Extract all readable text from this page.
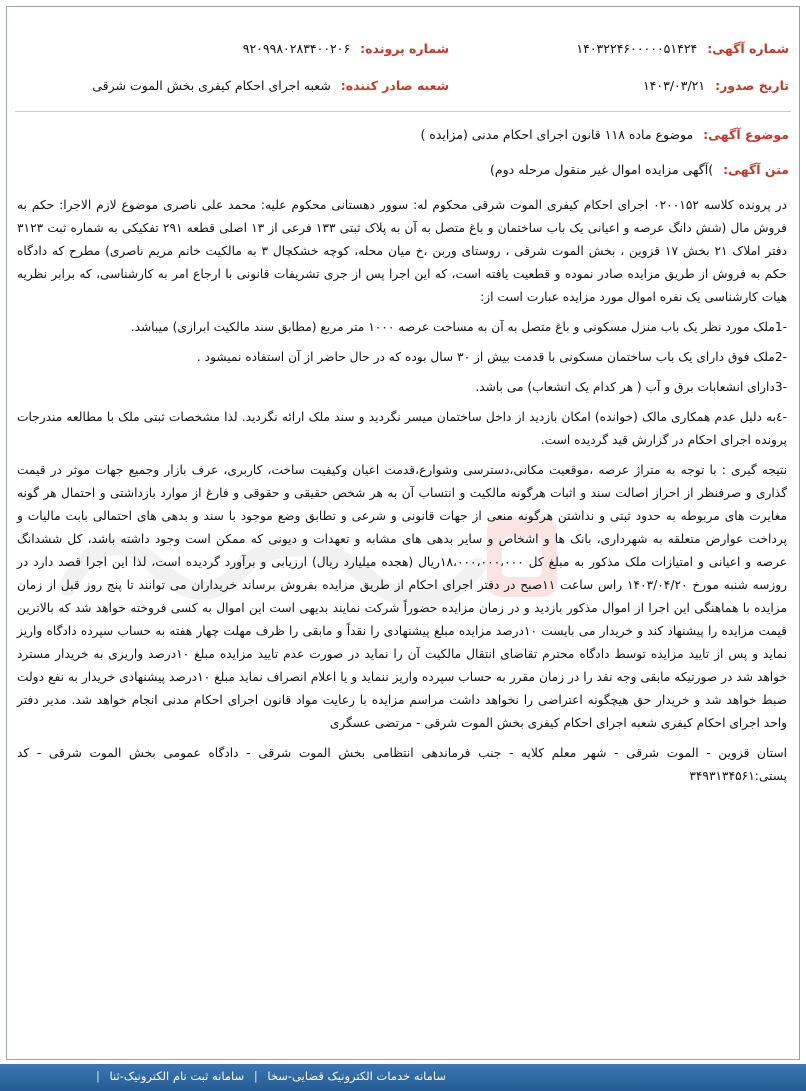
شماره آگهی: ۱۴۰۳۲۲۴۶۰۰۰۰۰۵۱۴۲۴
شماره پرونده: ۹۲۰۹۹۸۰۲۸۳۴۰۰۲۰۶
تاریخ صدور: ۱۴۰۳/۰۳/۲۱
شعبه صادر کننده: شعبه اجرای احکام کیفری بخش الموت شرقی
موضوع آگهی: موضوع ماده ۱۱۸ قانون اجرای احکام مدنی (مزایده )
متن آگهی: )آگهی مزایده اموال غیر منقول مرحله دوم)

در پرونده کلاسه ۰۲۰۰۱۵۲ اجرای احکام کیفری الموت شرقی محکوم له: سوور دهستانی محکوم علیه: محمد علی ناصری موضوع لازم الاجرا: حکم به فروش مال (شش دانگ عرصه و اعیانی یک باب ساختمان و باغ متصل به آن به پلاک ثبتی ۱۳۳ فرعی از ۱۳ اصلی قطعه ۲۹۱ تفکیکی به شماره ثبت ۳۱۲۳ دفتر املاک ۲۱ بخش ۱۷ قزوین ، بخش الموت شرقی ، روستای وربن ،خ میان محله، کوچه خشکچال ۳ به مالکیت خانم مریم ناصری) مطرح که دادگاه حکم به فروش از طریق مزایده صادر نموده و قطعیت یافته است، که این اجرا پس از جری تشریفات قانونی با ارجاع امر به کارشناسی، که برابر نظریه هیات کارشناسی یک نفره اموال مورد مزایده عبارت است از:

-1ملک مورد نظر یک باب منزل مسکونی و باغ متصل به آن به مساحت عرصه ۱۰۰۰ متر مربع (مطابق سند مالکیت ابرازی) میباشد.

-2ملک فوق دارای یک باب ساختمان مسکونی با قدمت بیش از ۳۰ سال بوده که در حال حاضر از آن استفاده نمیشود .

-3دارای انشعابات برق و آب ( هر کدام یک انشعاب) می باشد.

-٤به دلیل عدم همکاری مالک (خوانده) امکان بازدید از داخل ساختمان میسر نگردید و سند ملک ارائه نگردید. لذا مشخصات ثبتی ملک با مطالعه مندرجات پرونده اجرای احکام در گزارش قید گردیده است.

نتیجه گیری : با توجه به متراژ عرصه ،موقعیت مکانی،دسترسی وشوارع،قدمت اعیان وکیفیت ساخت، کاربری، عرف بازار وجمیع جهات موثر در قیمت گذاری و صرفنظر از احراز اصالت سند و اثبات هرگونه مالکیت و انتساب آن به هر شخص حقیقی و حقوقی و فارغ از موارد بازداشتی و احتمال هر گونه مغایرت های مربوطه به حدود ثبتی و نداشتن هرگونه منعی از جهات قانونی و شرعی و تطابق وضع موجود با سند و بدهی های احتمالی بابت مالیات و پرداخت عوارض متعلقه به شهرداری، بانک ها و اشخاص و سایر بدهی های مشابه و تعهدات و دیونی که ممکن است وجود داشته باشد، کل ششدانگ عرصه و اعیانی و امتیازات ملک مذکور به مبلغ کل ۱۸،۰۰۰،۰۰۰،۰۰۰ریال (هجده میلیارد ریال) ارزیابی و برآورد گردیده است، لذا این اجرا قصد دارد در روزسه شنبه مورخ ۱۴۰۳/۰۴/۲۰ راس ساعت ۱۱صبح در دفتر اجرای احکام از طریق مزایده بفروش برساند خریداران می توانند تا پنج روز قبل از زمان مزایده با هماهنگی این اجرا از اموال مذکور بازدید و در زمان مزایده حضوراً شرکت نمایند بدیهی است این اموال به کسی فروخته خواهد شد که بالاترین قیمت مزایده را پیشنهاد کند و خریدار می بایست ۱۰درصد مزایده مبلغ پیشنهادی را نقداً و مابقی را ظرف مهلت چهار هفته به حساب سپرده دادگاه واریز نماید و پس از تایید مزایده توسط دادگاه محترم تقاضای انتقال مالکیت آن را نماید در صورت عدم تایید مزایده مبلغ ۱۰درصد واریزی به خریدار مسترد خواهد شد در صورتیکه مابقی وجه نقد را در زمان مقرر به حساب سپرده واریز ننماید و یا اعلام انصراف نماید مبلغ ۱۰درصد پیشنهادی خریدار به نفع دولت ضبط خواهد شد و خریدار حق هیچگونه اعتراضی را نخواهد داشت مراسم مزایده با رعایت مواد قانون اجرای احکام مدنی انجام خواهد شد. مدیر دفتر واحد اجرای احکام کیفری شعبه اجرای احکام کیفری بخش الموت شرقی - مرتضی عسگری

استان قزوین - الموت شرقی - شهر معلم کلایه - جنب فرماندهی انتظامی بخش الموت شرقی - دادگاه عمومی بخش الموت شرقی - کد پستی:۳۴۹۳۱۳۴۵۶۱

سامانه خدمات الکترونیک قضایی-سخا | سامانه ثبت نام الکترونیک-ثنا |
